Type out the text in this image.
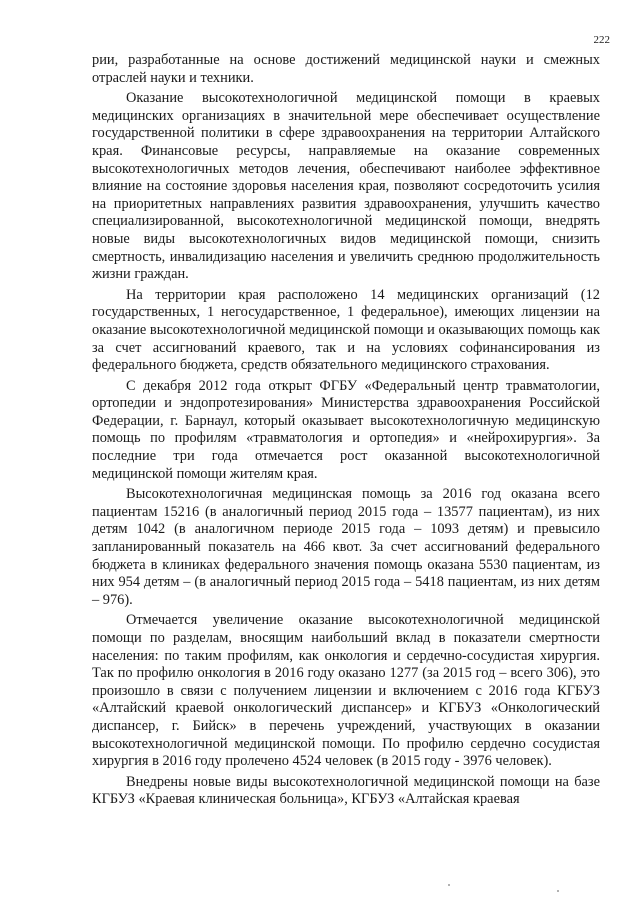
222

рии, разработанные на основе достижений медицинской науки и смежных отраслей науки и техники.

Оказание высокотехнологичной медицинской помощи в краевых медицинских организациях в значительной мере обеспечивает осуществление государственной политики в сфере здравоохранения на территории Алтайского края. Финансовые ресурсы, направляемые на оказание современных высокотехнологичных методов лечения, обеспечивают наиболее эффективное влияние на состояние здоровья населения края, позволяют сосредоточить усилия на приоритетных направлениях развития здравоохранения, улучшить качество специализированной, высокотехнологичной медицинской помощи, внедрять новые виды высокотехнологичных видов медицинской помощи, снизить смертность, инвалидизацию населения и увеличить среднюю продолжительность жизни граждан.

На территории края расположено 14 медицинских организаций (12 государственных, 1 негосударственное, 1 федеральное), имеющих лицензии на оказание высокотехнологичной медицинской помощи и оказывающих помощь как за счет ассигнований краевого, так и на условиях софинансирования из федерального бюджета, средств обязательного медицинского страхования.

С декабря 2012 года открыт ФГБУ «Федеральный центр травматологии, ортопедии и эндопротезирования» Министерства здравоохранения Российской Федерации, г. Барнаул, который оказывает высокотехнологичную медицинскую помощь по профилям «травматология и ортопедия» и «нейрохирургия». За последние три года отмечается рост оказанной высокотехнологичной медицинской помощи жителям края.

Высокотехнологичная медицинская помощь за 2016 год оказана всего пациентам 15216 (в аналогичный период 2015 года – 13577 пациентам), из них детям 1042 (в аналогичном периоде 2015 года – 1093 детям) и превысило запланированный показатель на 466 квот. За счет ассигнований федерального бюджета в клиниках федерального значения помощь оказана 5530 пациентам, из них 954 детям – (в аналогичный период 2015 года – 5418 пациентам, из них детям – 976).

Отмечается увеличение оказание высокотехнологичной медицинской помощи по разделам, вносящим наибольший вклад в показатели смертности населения: по таким профилям, как онкология и сердечно-сосудистая хирургия. Так по профилю онкология в 2016 году оказано 1277 (за 2015 год – всего 306), это произошло в связи с получением лицензии и включением с 2016 года КГБУЗ «Алтайский краевой онкологический диспансер» и КГБУЗ «Онкологический диспансер, г. Бийск» в перечень учреждений, участвующих в оказании высокотехнологичной медицинской помощи. По профилю сердечно сосудистая хирургия в 2016 году пролечено 4524 человек (в 2015 году - 3976 человек).

Внедрены новые виды высокотехнологичной медицинской помощи на базе КГБУЗ «Краевая клиническая больница», КГБУЗ «Алтайская краевая
